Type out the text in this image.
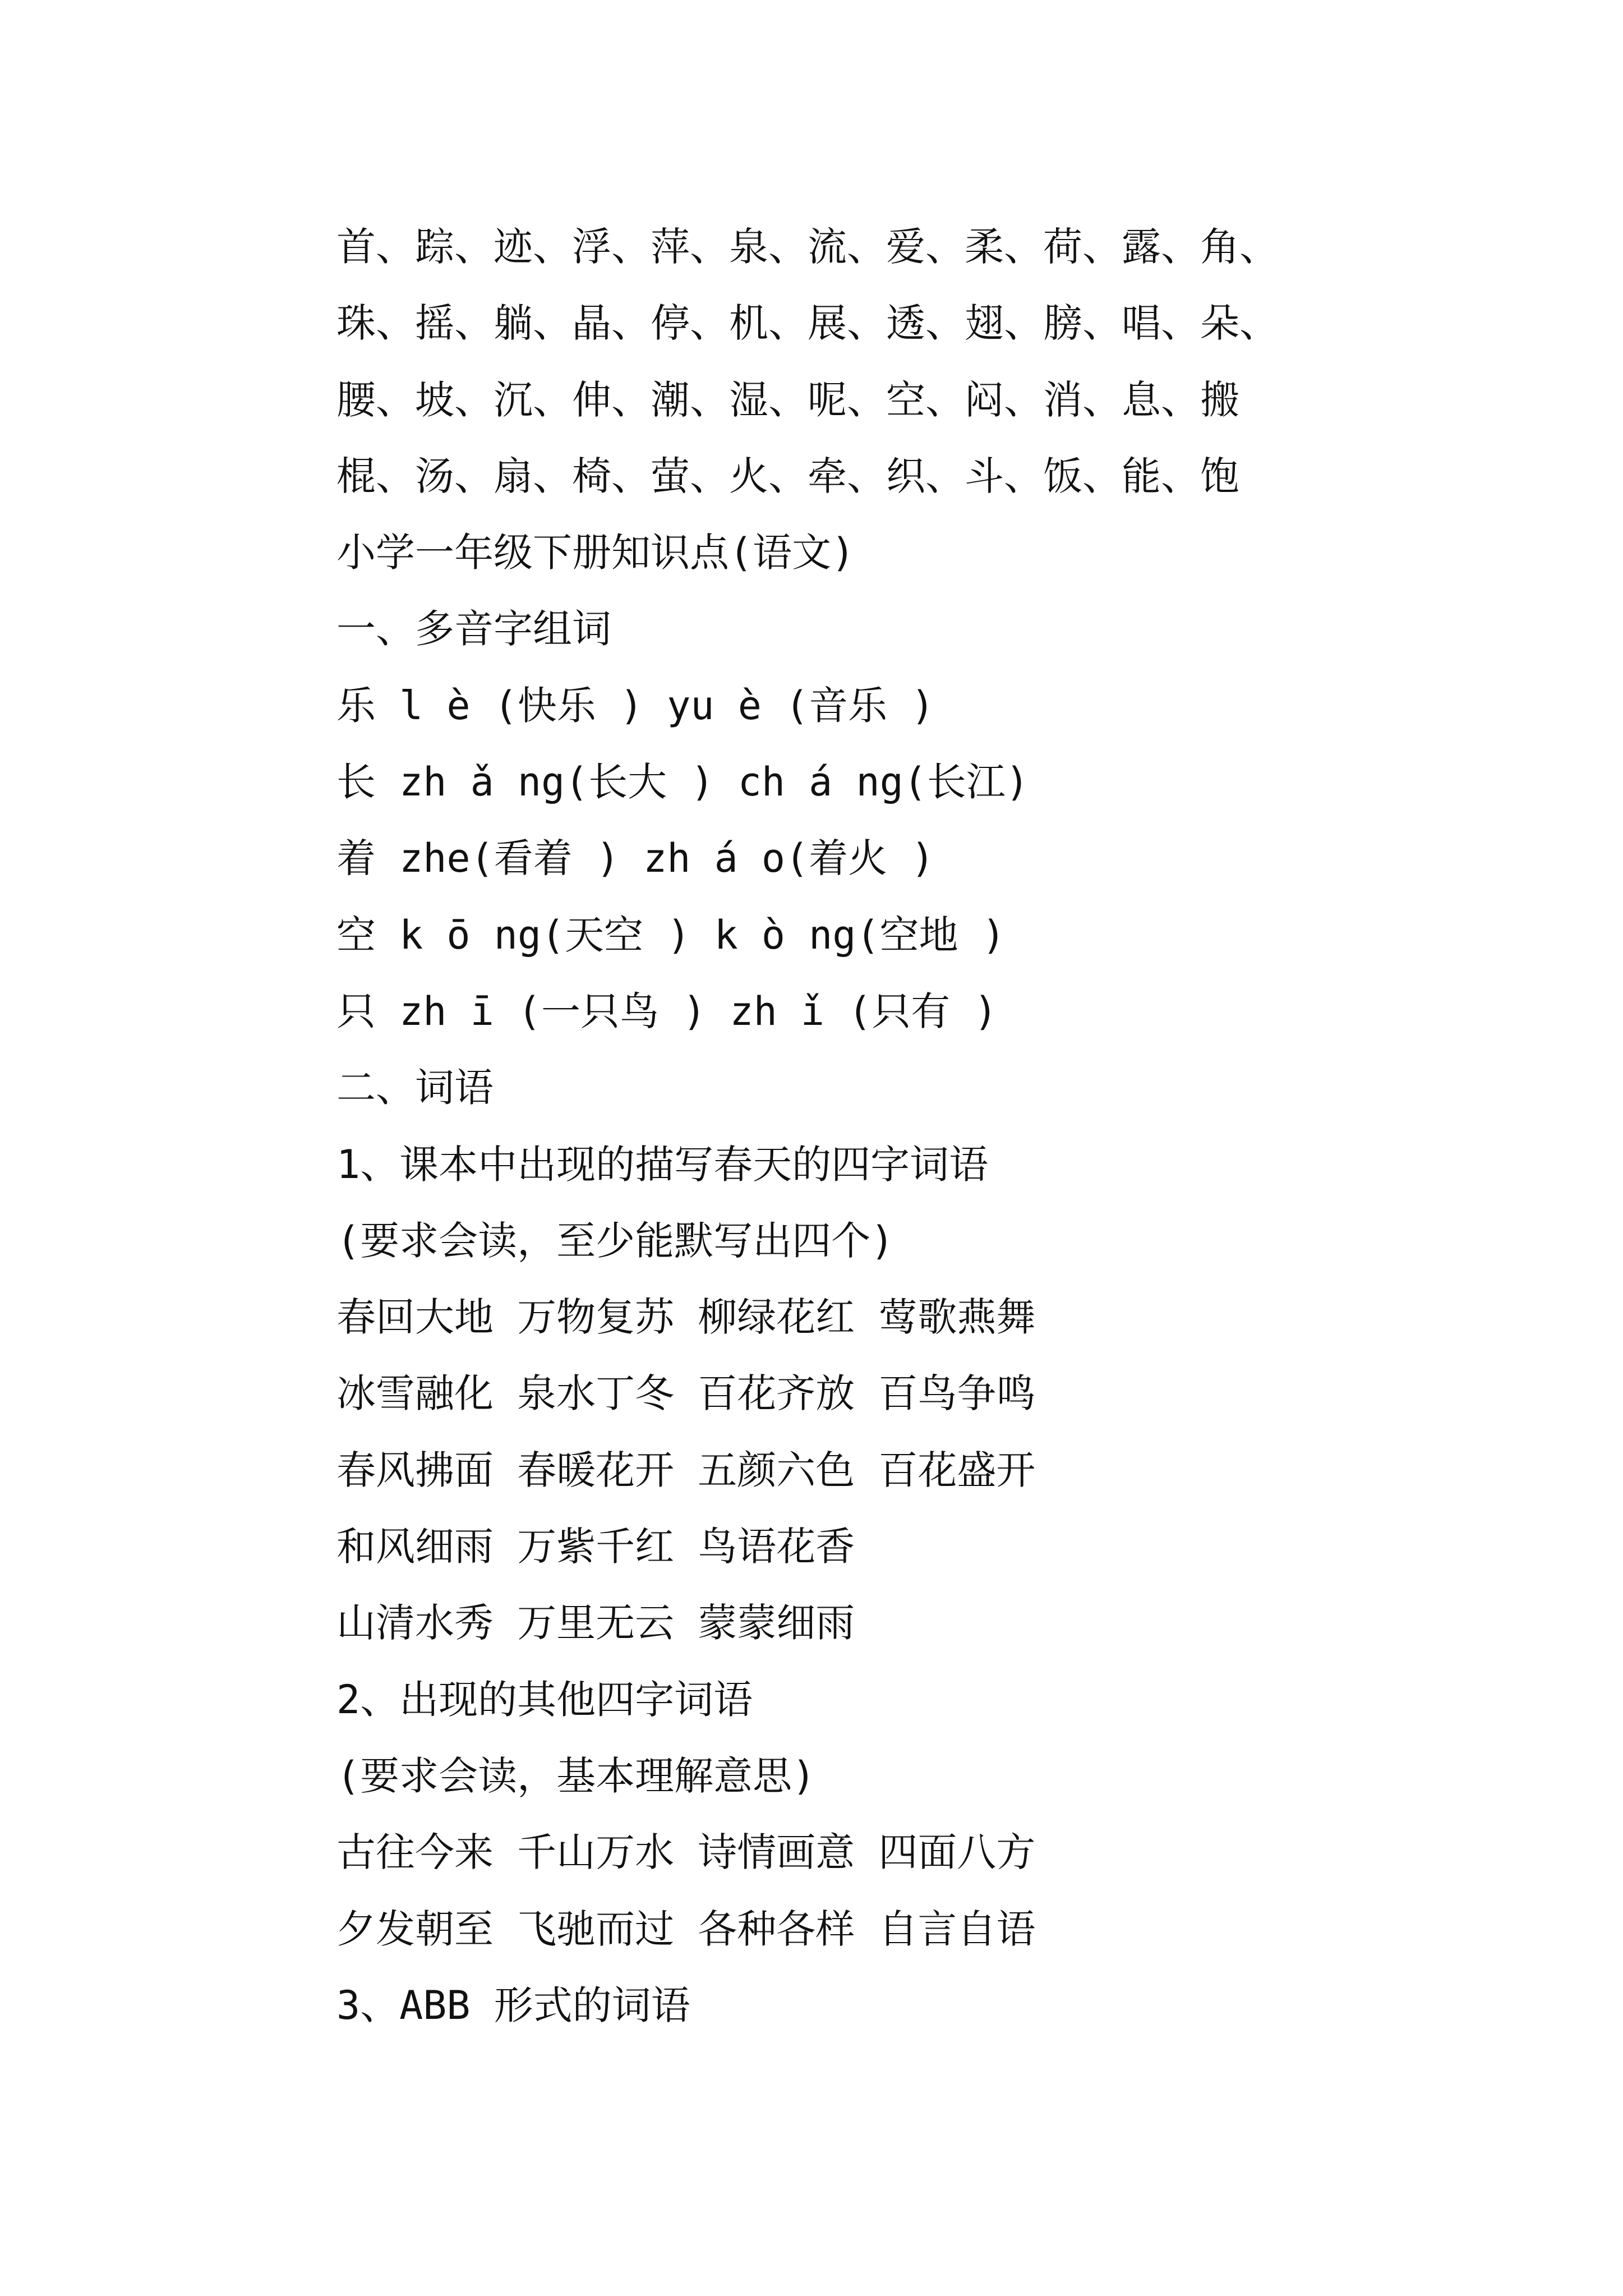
首、踪、迹、浮、萍、泉、流、爱、柔、荷、露、角、
珠、摇、躺、晶、停、机、展、透、翅、膀、唱、朵、
腰、坡、沉、伸、潮、湿、呢、空、闷、消、息、搬
棍、汤、扇、椅、萤、火、牵、织、斗、饭、能、饱
小学一年级下册知识点(语文)
一、多音字组词
乐 l è (快乐 ) yu è (音乐 )
长 zh ǎ ng(长大 ) ch á ng(长江)
着 zhe(看着 ) zh á o(着火 )
空 k ō ng(天空 ) k ò ng(空地 )
只 zh ī (一只鸟 ) zh ǐ (只有 )
二、词语
1、课本中出现的描写春天的四字词语
(要求会读，至少能默写出四个)
春回大地 万物复苏 柳绿花红 莺歌燕舞
冰雪融化 泉水丁冬 百花齐放 百鸟争鸣
春风拂面 春暖花开 五颜六色 百花盛开
和风细雨 万紫千红 鸟语花香
山清水秀 万里无云 蒙蒙细雨
2、出现的其他四字词语
(要求会读，基本理解意思)
古往今来 千山万水 诗情画意 四面八方
夕发朝至 飞驰而过 各种各样 自言自语
3、ABB 形式的词语
